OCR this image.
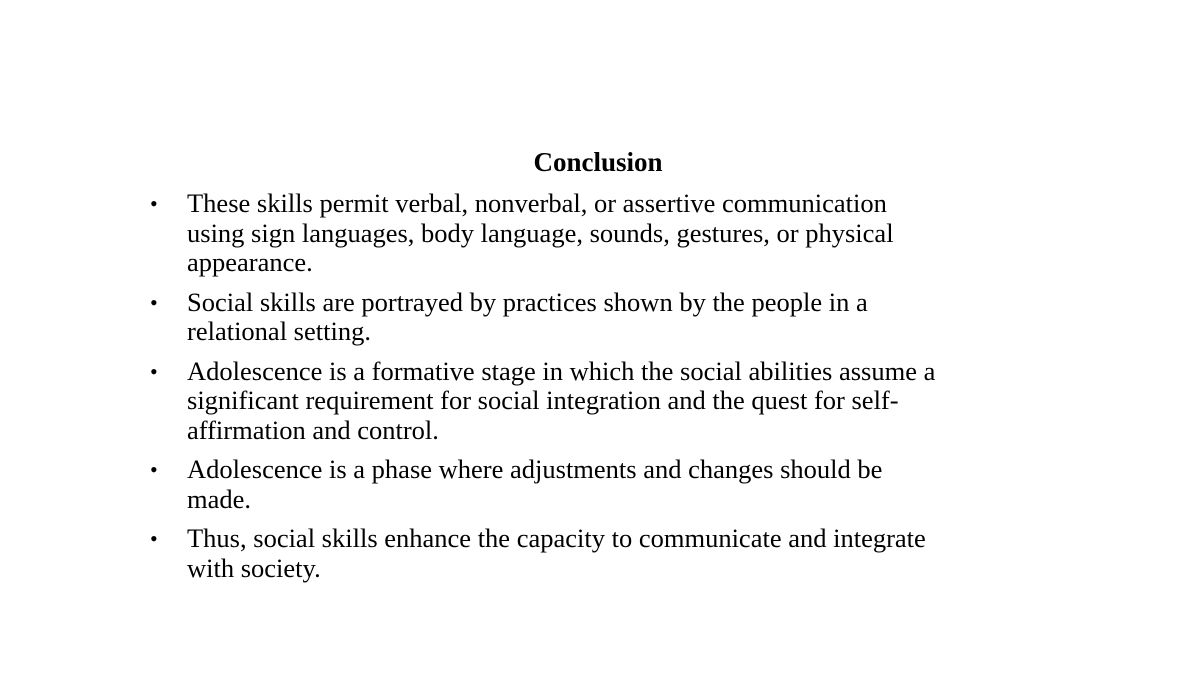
Conclusion
•	These skills permit verbal, nonverbal, or assertive communication
using sign languages, body language, sounds, gestures, or physical
appearance.
•	Social skills are portrayed by practices shown by the people in a
relational setting.
•	Adolescence is a formative stage in which the social abilities assume a
significant requirement for social integration and the quest for self-
affirmation and control.
•	Adolescence is a phase where adjustments and changes should be
made.
•	Thus, social skills enhance the capacity to communicate and integrate
with society.
